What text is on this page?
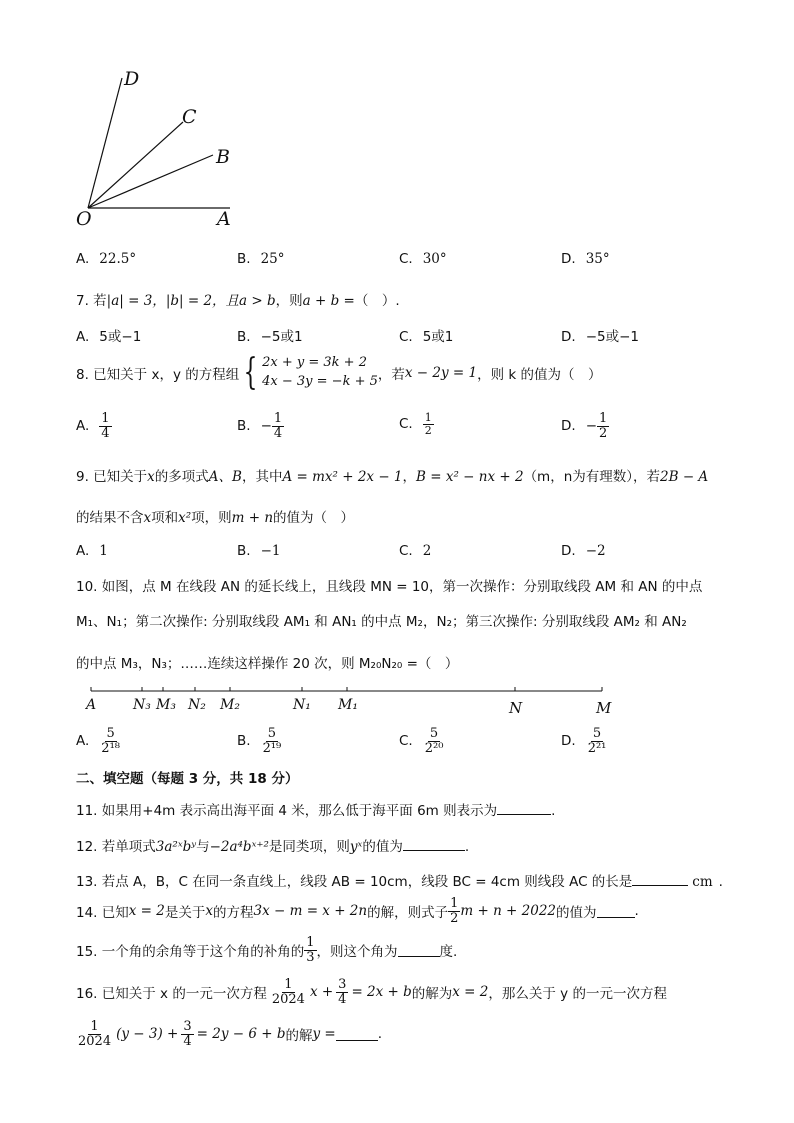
D
C
B
O	A
A. 22.5°	B. 25°	C. 30°	D. 35°
7. 若|a| = 3，|b| = 2，且a > b，则a + b =（　）.
A. 5或−1	B. −5或1	C. 5或1	D. −5或−1
8. 已知关于 x，y 的方程组 { 2x + y = 3k + 2
4x − 3y = −k + 5 ，若 x − 2y = 1 ，则 k 的值为（　）
A. $\frac{1}{4}$	B. − $\frac{1}{4}$	C. $\frac{1}{2}$	D. − $\frac{1}{2}$
9. 已知关于x的多项式A、B，其中A = mx² + 2x − 1，B = x² − nx + 2（m，n为有理数），若2B − A
的结果不含x项和x²项，则m + n的值为（　）
A. 1	B. −1	C. 2	D. −2
10. 如图，点 M 在线段 AN 的延长线上，且线段 MN = 10，第一次操作：分别取线段 AM 和 AN 的中点
M₁、N₁；第二次操作: 分别取线段 AM₁ 和 AN₁ 的中点 M₂，N₂；第三次操作: 分别取线段 AM₂ 和 AN₂
的中点 M₃，N₃；……连续这样操作 20 次，则 M₂₀N₂₀ =（　）
A	N₃ M₃ N₂ M₂	N₁ M₁	N	M
A. $\frac{5}{\text{2¹⁸}}$	B. $\frac{5}{\text{2¹⁹}}$	C. $\frac{5}{\text{2²⁰}}$	D. $\frac{5}{\text{2²¹}}$
二、填空题（每题 3 分，共 18 分）
11. 如果用+4m 表示高出海平面 4 米，那么低于海平面 6m 则表示为	.
12. 若单项式3a²ˣbʸ与−2a⁴bˣ⁺²是同类项，则yˣ的值为	.
13. 若点 A，B，C 在同一条直线上，线段 AB = 10cm，线段 BC = 4cm 则线段 AC 的长是	cm .
14. 已知 x = 2 是关于 x 的方程 3x − m = x + 2n 的解，则式子 $\frac{1}{2}$ m + n + 2022 的值为	.
15. 一个角的余角等于这个角的补角的 $\frac{1}{3}$ ，则这个角为	度.
16. 已知关于 x 的一元一次方程 $\frac{1}{2024}$ $x + \frac{3}{4} = 2x + b$ 的解为 x = 2 ，那么关于 y 的一元一次方程
$\frac{1}{2024} (y - 3) + \frac{3}{4} = 2y - 6 + b$ 的解 y =	.
